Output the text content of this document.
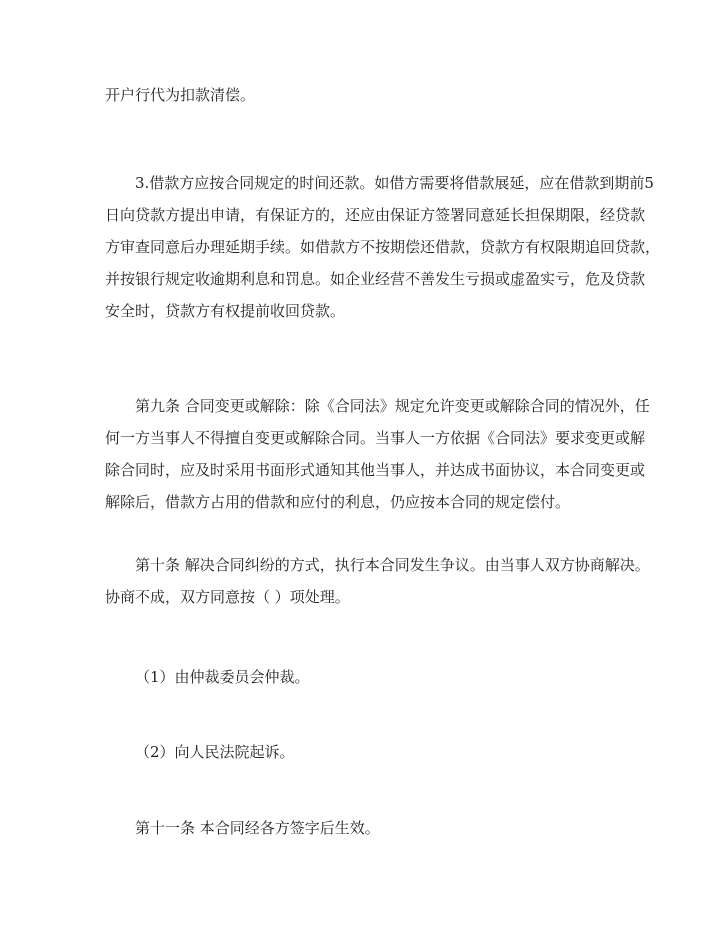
开户行代为扣款清偿。
3.借款方应按合同规定的时间还款。如借方需要将借款展延，应在借款到期前5
日向贷款方提出申请，有保证方的，还应由保证方签署同意延长担保期限，经贷款
方审查同意后办理延期手续。如借款方不按期偿还借款，贷款方有权限期追回贷款，
并按银行规定收逾期利息和罚息。如企业经营不善发生亏损或虚盈实亏，危及贷款
安全时，贷款方有权提前收回贷款。
第九条 合同变更或解除：除《合同法》规定允许变更或解除合同的情况外，任
何一方当事人不得擅自变更或解除合同。当事人一方依据《合同法》要求变更或解
除合同时，应及时采用书面形式通知其他当事人，并达成书面协议，本合同变更或
解除后，借款方占用的借款和应付的利息，仍应按本合同的规定偿付。
第十条 解决合同纠纷的方式，执行本合同发生争议。由当事人双方协商解决。
协商不成，双方同意按（ ）项处理。
（1）由仲裁委员会仲裁。
（2）向人民法院起诉。
第十一条 本合同经各方签字后生效。
